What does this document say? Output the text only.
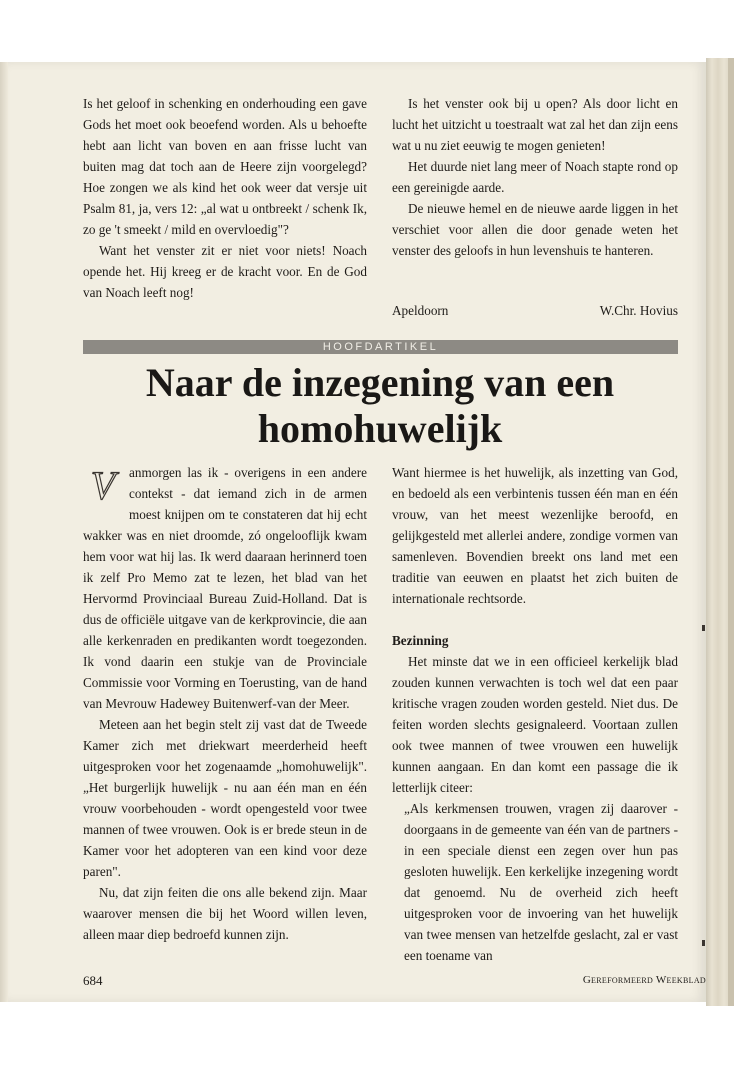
Is het geloof in schenking en onderhouding een gave Gods het moet ook beoefend worden. Als u behoefte hebt aan licht van boven en aan frisse lucht van buiten mag dat toch aan de Heere zijn voorgelegd? Hoe zongen we als kind het ook weer dat versje uit Psalm 81, ja, vers 12: „al wat u ontbreekt / schenk Ik, zo ge 't smeekt / mild en overvloedig"?

Want het venster zit er niet voor niets! Noach opende het. Hij kreeg er de kracht voor. En de God van Noach leeft nog!

Is het venster ook bij u open? Als door licht en lucht het uitzicht u toestraalt wat zal het dan zijn eens wat u nu ziet eeuwig te mogen genieten!

Het duurde niet lang meer of Noach stapte rond op een gereinigde aarde.

De nieuwe hemel en de nieuwe aarde liggen in het verschiet voor allen die door genade weten het venster des geloofs in hun levenshuis te hanteren.

Apeldoorn	W.Chr. Hovius
HOOFDARTIKEL
Naar de inzegening van een homohuwelijk

V	anmorgen las ik - overigens in een andere contekst - dat iemand zich in de armen moest knijpen om te constateren dat hij echt wakker was en niet droomde, zó ongelooflijk kwam hem voor wat hij las. Ik werd daaraan herinnerd toen ik zelf Pro Memo zat te lezen, het blad van het Hervormd Provinciaal Bureau Zuid-Holland. Dat is dus de officiële uitgave van de kerkprovincie, die aan alle kerkenraden en predikanten wordt toegezonden. Ik vond daarin een stukje van de Provinciale Commissie voor Vorming en Toerusting, van de hand van Mevrouw Hadewey Buitenwerf-van der Meer.

Meteen aan het begin stelt zij vast dat de Tweede Kamer zich met driekwart meerderheid heeft uitgesproken voor het zogenaamde „homohuwelijk". „Het burgerlijk huwelijk - nu aan één man en één vrouw voorbehouden - wordt opengesteld voor twee mannen of twee vrouwen. Ook is er brede steun in de Kamer voor het adopteren van een kind voor deze paren".

Nu, dat zijn feiten die ons alle bekend zijn. Maar waarover mensen die bij het Woord willen leven, alleen maar diep bedroefd kunnen zijn.

Want hiermee is het huwelijk, als inzetting van God, en bedoeld als een verbintenis tussen één man en één vrouw, van het meest wezenlijke beroofd, en gelijkgesteld met allerlei andere, zondige vormen van samenleven. Bovendien breekt ons land met een traditie van eeuwen en plaatst het zich buiten de internationale rechtsorde.

Bezinning

Het minste dat we in een officieel kerkelijk blad zouden kunnen verwachten is toch wel dat een paar kritische vragen zouden worden gesteld. Niet dus. De feiten worden slechts gesignaleerd. Voortaan zullen ook twee mannen of twee vrouwen een huwelijk kunnen aangaan. En dan komt een passage die ik letterlijk citeer:

„Als kerkmensen trouwen, vragen zij daarover - doorgaans in de gemeente van één van de partners - in een speciale dienst een zegen over hun pas gesloten huwelijk. Een kerkelijke inzegening wordt dat genoemd. Nu de overheid zich heeft uitgesproken voor de invoering van het huwelijk van twee mensen van hetzelfde geslacht, zal er vast een toename van

684	Gereformeerd Weekblad
